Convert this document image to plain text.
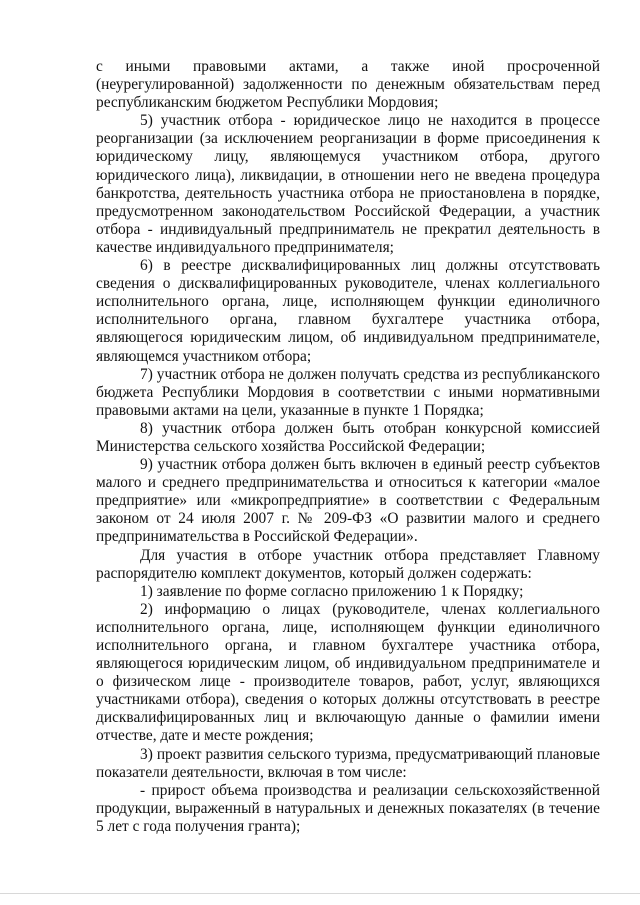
с иными правовыми актами, а также иной просроченной (неурегулированной) задолженности по денежным обязательствам перед республиканским бюджетом Республики Мордовия;

5) участник отбора - юридическое лицо не находится в процессе реорганизации (за исключением реорганизации в форме присоединения к юридическому лицу, являющемуся участником отбора, другого юридического лица), ликвидации, в отношении него не введена процедура банкротства, деятельность участника отбора не приостановлена в порядке, предусмотренном законодательством Российской Федерации, а участник отбора - индивидуальный предприниматель не прекратил деятельность в качестве индивидуального предпринимателя;

6) в реестре дисквалифицированных лиц должны отсутствовать сведения о дисквалифицированных руководителе, членах коллегиального исполнительного органа, лице, исполняющем функции единоличного исполнительного органа, главном бухгалтере участника отбора, являющегося юридическим лицом, об индивидуальном предпринимателе, являющемся участником отбора;

7) участник отбора не должен получать средства из республиканского бюджета Республики Мордовия в соответствии с иными нормативными правовыми актами на цели, указанные в пункте 1 Порядка;

8) участник отбора должен быть отобран конкурсной комиссией Министерства сельского хозяйства Российской Федерации;

9) участник отбора должен быть включен в единый реестр субъектов малого и среднего предпринимательства и относиться к категории «малое предприятие» или «микропредприятие» в соответствии с Федеральным законом от 24 июля 2007 г. № 209-ФЗ «О развитии малого и среднего предпринимательства в Российской Федерации».

Для участия в отборе участник отбора представляет Главному распорядителю комплект документов, который должен содержать:

1) заявление по форме согласно приложению 1 к Порядку;

2) информацию о лицах (руководителе, членах коллегиального исполнительного органа, лице, исполняющем функции единоличного исполнительного органа, и главном бухгалтере участника отбора, являющегося юридическим лицом, об индивидуальном предпринимателе и о физическом лице - производителе товаров, работ, услуг, являющихся участниками отбора), сведения о которых должны отсутствовать в реестре дисквалифицированных лиц и включающую данные о фамилии имени отчестве, дате и месте рождения;

3) проект развития сельского туризма, предусматривающий плановые показатели деятельности, включая в том числе:

- прирост объема производства и реализации сельскохозяйственной продукции, выраженный в натуральных и денежных показателях (в течение 5 лет с года получения гранта);
